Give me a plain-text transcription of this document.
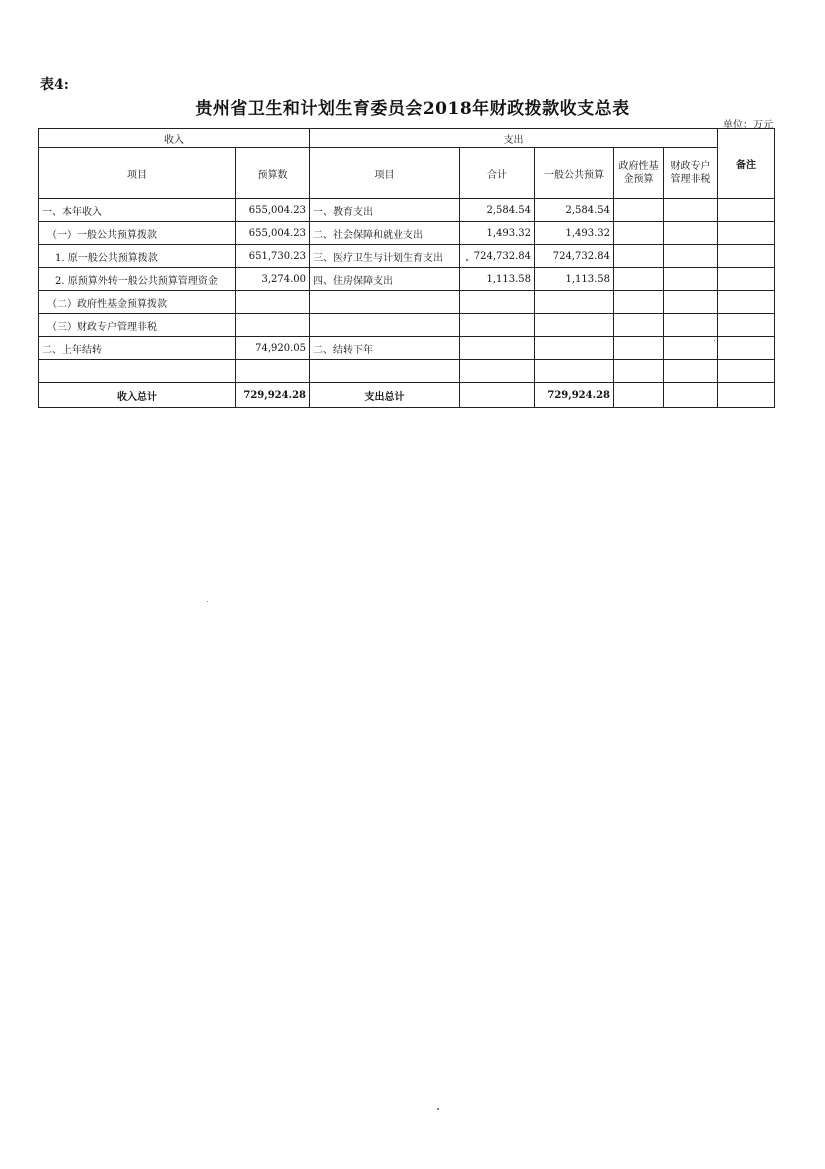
表4:
贵州省卫生和计划生育委员会2018年财政拨款收支总表
单位：万元
收入		支出					备注
项目	预算数	项目	合计	一般公共预算	政府性基金预算	财政专户管理非税	
一、本年收入	655,004.23	一、教育支出	2,584.54	2,584.54			
（一）一般公共预算拨款	655,004.23	二、社会保障和就业支出	1,493.32	1,493.32			
1. 原一般公共预算拨款	651,730.23	三、医疗卫生与计划生育支出	724,732.84	724,732.84			
2. 原预算外转一般公共预算管理资金	3,274.00	四、住房保障支出	1,113.58	1,113.58			
（二）政府性基金预算拨款							
（三）财政专户管理非税							
二、上年结转	74,920.05	二、结转下年					

收入总计	729,924.28	支出总计		729,924.28			
